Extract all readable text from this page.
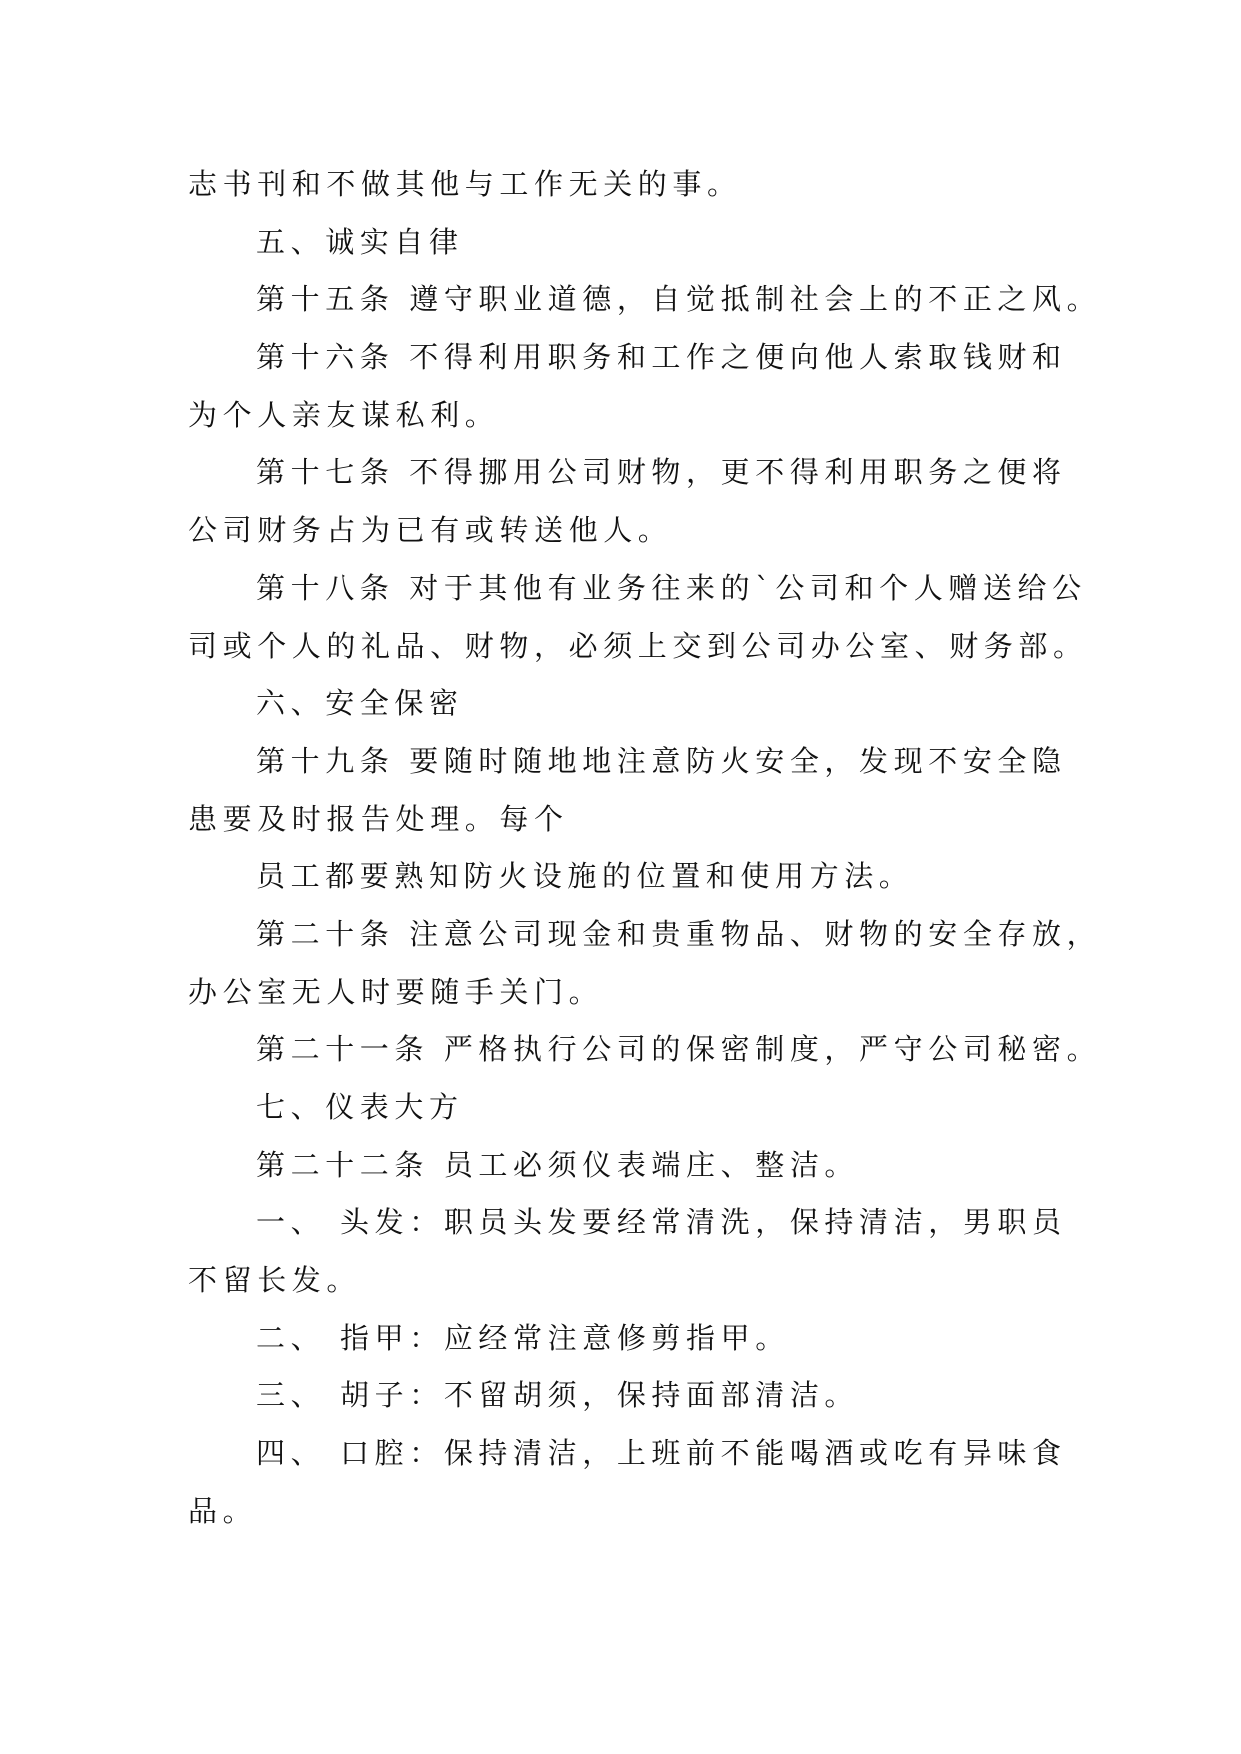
志书刊和不做其他与工作无关的事。
五、诚实自律
第十五条 遵守职业道德，自觉抵制社会上的不正之风。
第十六条 不得利用职务和工作之便向他人索取钱财和
为个人亲友谋私利。
第十七条 不得挪用公司财物，更不得利用职务之便将
公司财务占为已有或转送他人。
第十八条 对于其他有业务往来的`公司和个人赠送给公
司或个人的礼品、财物，必须上交到公司办公室、财务部。
六、安全保密
第十九条 要随时随地地注意防火安全，发现不安全隐
患要及时报告处理。每个
员工都要熟知防火设施的位置和使用方法。
第二十条 注意公司现金和贵重物品、财物的安全存放，
办公室无人时要随手关门。
第二十一条 严格执行公司的保密制度，严守公司秘密。
七、仪表大方
第二十二条 员工必须仪表端庄、整洁。
一、 头发：职员头发要经常清洗，保持清洁，男职员
不留长发。
二、 指甲：应经常注意修剪指甲。
三、 胡子：不留胡须，保持面部清洁。
四、 口腔：保持清洁，上班前不能喝酒或吃有异味食
品。
